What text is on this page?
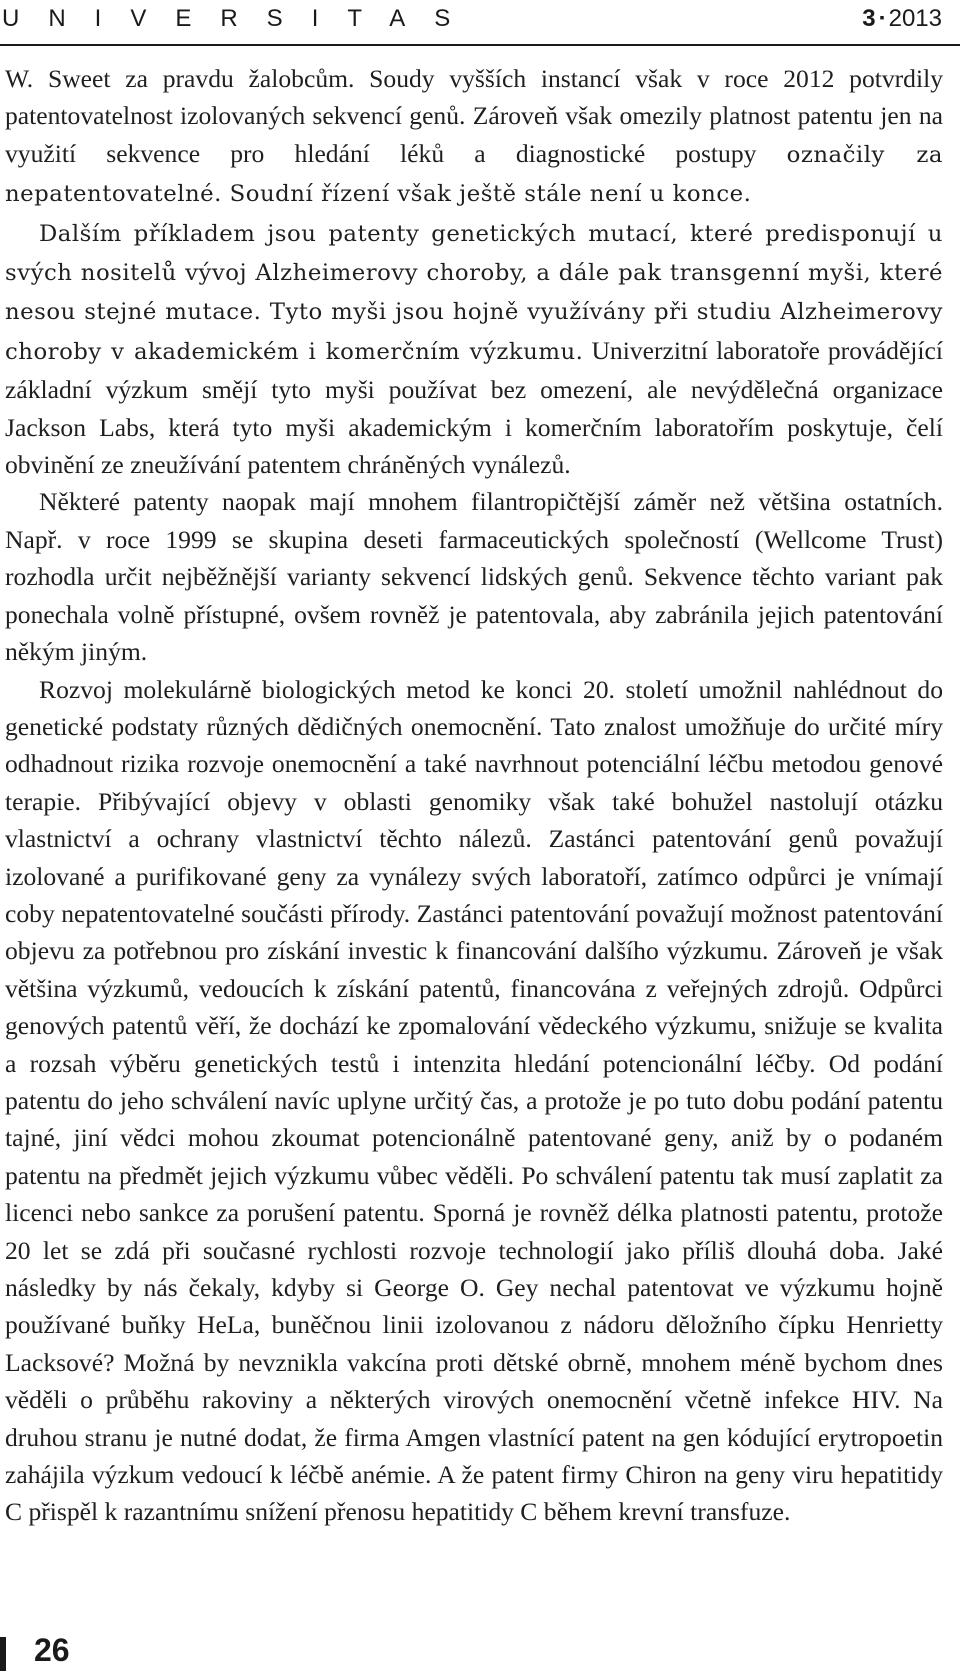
UNIVERSITAS	3 ▪ 2013

W. Sweet za pravdu žalobcům. Soudy vyšších instancí však v roce 2012 potvrdily patentovatelnost izolovaných sekvencí genů. Zároveň však omezily platnost patentu jen na využití sekvence pro hledání léků a diagnostické postupy označily za nepatentovatelné. Soudní řízení však ještě stále není u konce.

Dalším příkladem jsou patenty genetických mutací, které predisponují u svých nositelů vývoj Alzheimerovy choroby, a dále pak transgenní myši, které nesou stejné mutace. Tyto myši jsou hojně využívány při studiu Alzheimerovy choroby v akademickém i komerčním výzkumu. Univerzitní laboratoře provádějící základní výzkum smějí tyto myši používat bez omezení, ale nevýdělečná organizace Jackson Labs, která tyto myši akademickým i komerčním laboratořím poskytuje, čelí obvinění ze zneužívání patentem chráněných vynálezů.

Některé patenty naopak mají mnohem filantropičtější záměr než většina ostatních. Např. v roce 1999 se skupina deseti farmaceutických společností (Wellcome Trust) rozhodla určit nejběžnější varianty sekvencí lidských genů. Sekvence těchto variant pak ponechala volně přístupné, ovšem rovněž je patentovala, aby zabránila jejich patentování někým jiným.

Rozvoj molekulárně biologických metod ke konci 20. století umožnil nahlédnout do genetické podstaty různých dědičných onemocnění. Tato znalost umožňuje do určité míry odhadnout rizika rozvoje onemocnění a také navrhnout potenciální léčbu metodou genové terapie. Přibývající objevy v oblasti genomiky však také bohužel nastolují otázku vlastnictví a ochrany vlastnictví těchto nálezů. Zastánci patentování genů považují izolované a purifikované geny za vynálezy svých laboratoří, zatímco odpůrci je vnímají coby nepatentovatelné součásti přírody. Zastánci patentování považují možnost patentování objevu za potřebnou pro získání investic k financování dalšího výzkumu. Zároveň je však většina výzkumů, vedoucích k získání patentů, financována z veřejných zdrojů. Odpůrci genových patentů věří, že dochází ke zpomalování vědeckého výzkumu, snižuje se kvalita a rozsah výběru genetických testů i intenzita hledání potencionální léčby. Od podání patentu do jeho schválení navíc uplyne určitý čas, a protože je po tuto dobu podání patentu tajné, jiní vědci mohou zkoumat potencionálně patentované geny, aniž by o podaném patentu na předmět jejich výzkumu vůbec věděli. Po schválení patentu tak musí zaplatit za licenci nebo sankce za porušení patentu. Sporná je rovněž délka platnosti patentu, protože 20 let se zdá při současné rychlosti rozvoje technologií jako příliš dlouhá doba. Jaké následky by nás čekaly, kdyby si George O. Gey nechal patentovat ve výzkumu hojně používané buňky HeLa, buněčnou linii izolovanou z nádoru děložního čípku Henrietty Lacksové? Možná by nevznikla vakcína proti dětské obrně, mnohem méně bychom dnes věděli o průběhu rakoviny a některých virových onemocnění včetně infekce HIV. Na druhou stranu je nutné dodat, že firma Amgen vlastnící patent na gen kódující erytropoetin zahájila výzkum vedoucí k léčbě anémie. A že patent firmy Chiron na geny viru hepatitidy C přispěl k razantnímu snížení přenosu hepatitidy C během krevní transfuze.

26
